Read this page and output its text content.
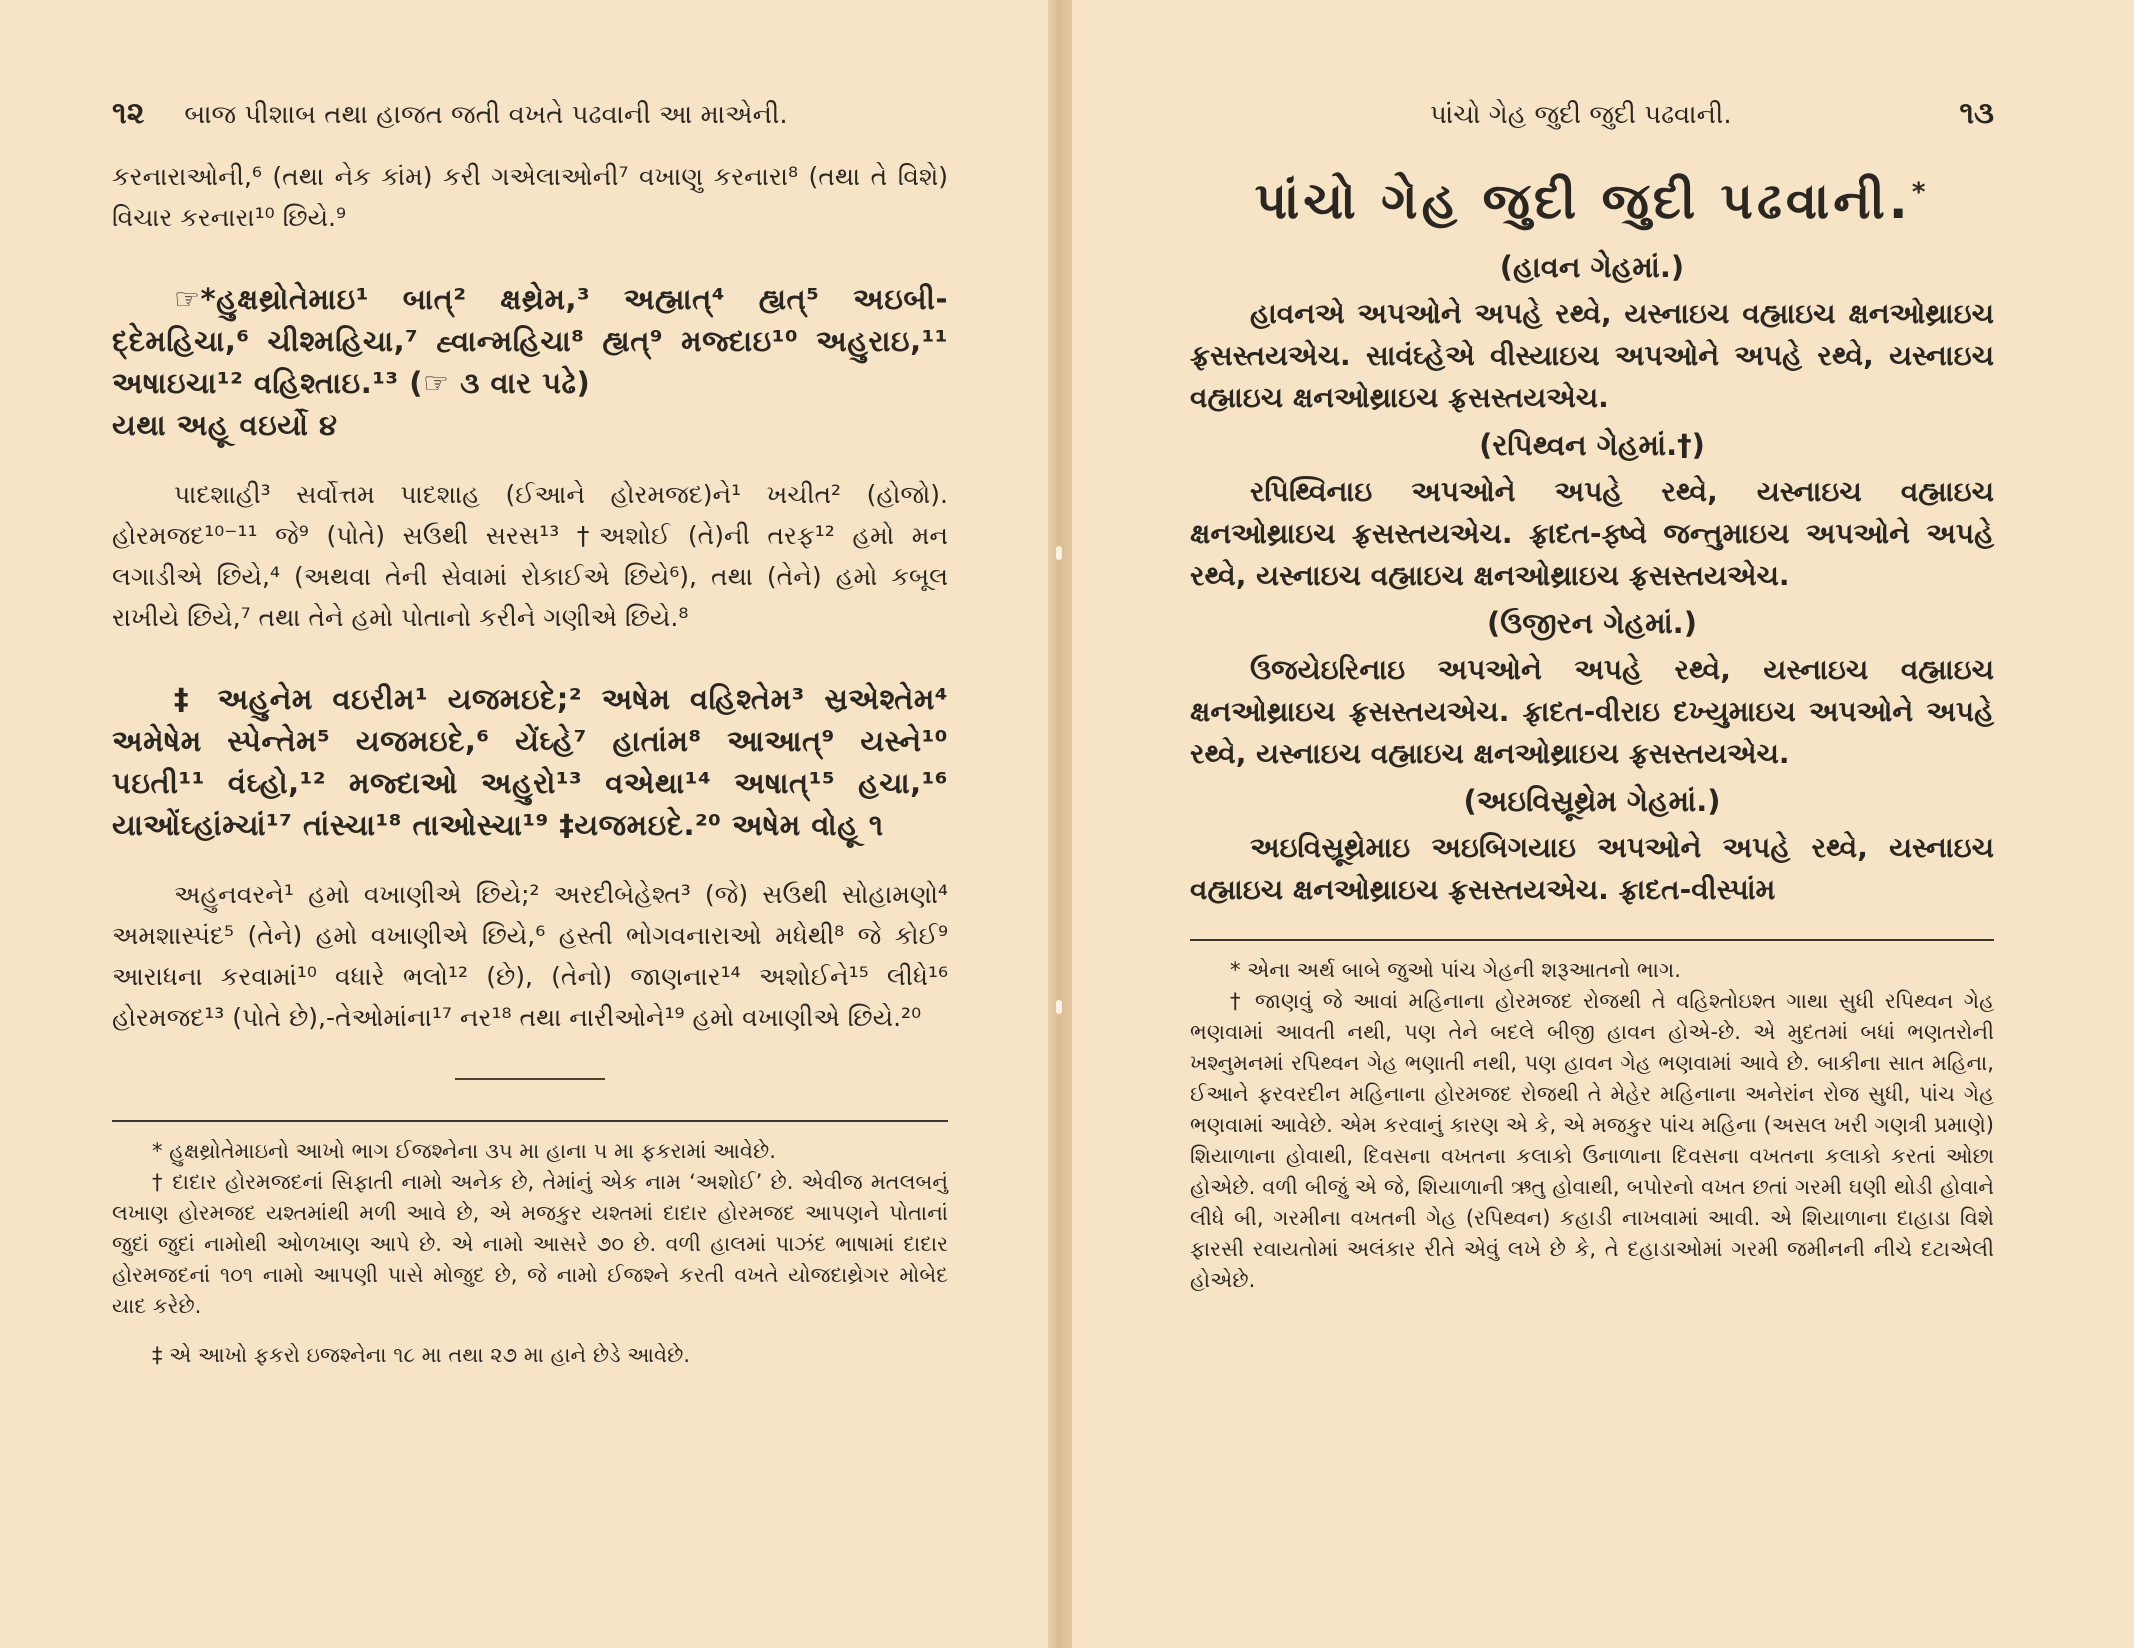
૧૨ બાજ પીશાબ તથા હાજત જતી વખતે પઢવાની આ માએની.

કરનારાઓની,⁶ (તથા નેક કાંમ) કરી ગએલાઓની⁷ વખાણુ કરનારા⁸ (તથા તે વિશે) વિચાર કરનારા¹⁰ છિયે.⁹

☞*હુક્ષથ્રોતેમાઇ¹ બાત્² ક્ષથ્રેમ,³ અહ્માત્⁴ હ્યત્⁵ અઇબી-દ્દેમહિચા,⁶ ચીશ્મહિચા,⁷ હ્વાન્મહિચા⁸ હ્યત્⁹ મજ્દાઇ¹⁰ અહુરાઇ,¹¹ અષાઇચા¹² વહિશ્તાઇ.¹³ (☞ ૩ વાર પઢે)

યથા અહૂ વઇર્યો ૪

પાદશાહી³ સર્વોત્તમ પાદશાહ (ઈઆને હોરમજદ)ને¹ ખચીત² (હોજો). હોરમજદ¹⁰⁻¹¹ જે⁹ (પોતે) સઉથી સરસ¹³ †અશોઈ (તે)ની તરફ¹² હમો મન લગાડીએ છિયે,⁴ (અથવા તેની સેવામાં રોકાઈએ છિયે⁶), તથા (તેને) હમો કબૂલ રાખીયે છિયે,⁷ તથા તેને હમો પોતાનો કરીને ગણીએ છિયે.⁸

‡ અહુનેમ વઇરીમ¹ યજમઇદે;² અષેમ વહિશ્તેમ³ સ્રએશ્તેમ⁴ અમેષેમ સ્પેન્તેમ⁵ યજમઇદે,⁶ યેંઘ્હે⁷ હાતાંમ⁸ આઆત્⁹ યસ્ને¹⁰ પઇતી¹¹ વંઘ્હો,¹² મજ્દાઓ અહુરો¹³ વએથા¹⁴ અષાત્¹⁵ હચા,¹⁶ યાઓંઘ્હાંમ્ચાં¹⁷ તાંસ્ચા¹⁸ તાઓસ્ચા¹⁹ ‡યજમઇદે.²⁰ અષેમ વોહૂ ૧

અહુનવરને¹ હમો વખાણીએ છિયે;² અરદીબેહેશ્ત³ (જે) સઉથી સોહામણો⁴ અમશાસ્પંદ⁵ (તેને) હમો વખાણીએ છિયે,⁶ હસ્તી ભોગવનારાઓ મધેથી⁸ જે કોઈ⁹ આરાધના કરવામાં¹⁰ વધારે ભલો¹² (છે), (તેનો) જાણનાર¹⁴ અશોઈને¹⁵ લીધે¹⁶ હોરમજદ¹³ (પોતે છે),-તેઓમાંના¹⁷ નર¹⁸ તથા નારીઓને¹⁹ હમો વખાણીએ છિયે.²⁰

* હુક્ષથ્રોતેમાઇનો આખો ભાગ ઈજશ્નેના ૩૫ મા હાના ૫ મા ફકરામાં આવેછે.

† દાદાર હોરમજદનાં સિફાતી નામો અનેક છે, તેમાંનું એક નામ ‘અશોઈ’ છે. એવીજ મતલબનું લખાણ હોરમજદ યશ્તમાંથી મળી આવે છે, એ મજકુર યશ્તમાં દાદાર હોરમજદ આપણને પોતાનાં જુદાં જુદાં નામોથી ઓળખાણ આપે છે. એ નામો આસરે ૭૦ છે. વળી હાલમાં પાઝંદ ભાષામાં દાદાર હોરમજદનાં ૧૦૧ નામો આપણી પાસે મોજુદ છે, જે નામો ઈજશ્ને કરતી વખતે યોજદાથ્રેગર મોબેદ યાદ કરેછે.

‡ એ આખો ફકરો ઇજશ્નેના ૧૮ મા તથા ૨૭ મા હાને છેડે આવેછે.

પાંચો ગેહ જુદી જુદી પઢવાની.	૧૩
પાંચો ગેહ જુદી જુદી પઢવાની.*
(હાવન ગેહમાં.)

હાવનએ અપઓને અપહે રથ્વે, યસ્નાઇચ વહ્માઇચ ક્ષનઓથ્રાઇચ ફ્રસસ્તયએચ. સાવંઘ્હેએ વીસ્યાઇચ અપઓને અપહે રથ્વે, યસ્નાઇચ વહ્માઇચ ક્ષનઓથ્રાઇચ ફ્રસસ્તયએચ.

(રપિથ્વન ગેહમાં.†)

રપિથ્વિનાઇ અપઓને અપહે રથ્વે, યસ્નાઇચ વહ્માઇચ ક્ષનઓથ્રાઇચ ફ્રસસ્તયએચ. ફ્રાદત-ફ્ષ્વે જન્તુમાઇચ અપઓને અપહે રથ્વે, યસ્નાઇચ વહ્માઇચ ક્ષનઓથ્રાઇચ ફ્રસસ્તયએચ.

(ઉજીરન ગેહમાં.)

ઉજયેઇરિનાઇ અપઓને અપહે રથ્વે, યસ્નાઇચ વહ્માઇચ ક્ષનઓથ્રાઇચ ફ્રસસ્તયએચ. ફ્રાદત-વીરાઇ દખ્યુમાઇચ અપઓને અપહે રથ્વે, યસ્નાઇચ વહ્માઇચ ક્ષનઓથ્રાઇચ ફ્રસસ્તયએચ.

(અઇવિસ્રૂથ્રેમ ગેહમાં.)

અઇવિસ્રૂથ્રેમાઇ અઇબિગયાઇ અપઓને અપહે રથ્વે, યસ્નાઇચ વહ્માઇચ ક્ષનઓથ્રાઇચ ફ્રસસ્તયએચ. ફ્રાદત-વીસ્પાંમ

* એના અર્થ બાબે જુઓ પાંચ ગેહની શરૂઆતનો ભાગ.

† જાણવું જે આવાં મહિનાના હોરમજદ રોજથી તે વહિશ્તોઇશ્ત ગાથા સુધી રપિથ્વન ગેહ ભણવામાં આવતી નથી, પણ તેને બદલે બીજી હાવન હોએ-છે. એ મુદતમાં બધાં ભણતરોની ખશ્નુમનમાં રપિથ્વન ગેહ ભણાતી નથી, પણ હાવન ગેહ ભણવામાં આવે છે. બાકીના સાત મહિના, ઈઆને ફરવરદીન મહિનાના હોરમજદ રોજથી તે મેહેર મહિનાના અનેરાંન રોજ સુધી, પાંચ ગેહ ભણવામાં આવેછે. એમ કરવાનું કારણ એ કે, એ મજકુર પાંચ મહિના (અસલ ખરી ગણત્રી પ્રમાણે) શિયાળાના હોવાથી, દિવસના વખતના કલાકો ઉનાળાના દિવસના વખતના કલાકો કરતાં ઓછા હોએછે. વળી બીજું એ જે, શિયાળાની ઋતુ હોવાથી, બપોરનો વખત છતાં ગરમી ઘણી થોડી હોવાને લીધે બી, ગરમીના વખતની ગેહ (રપિથ્વન) કહાડી નાખવામાં આવી. એ શિયાળાના દાહાડા વિશે ફારસી રવાયતોમાં અલંકાર રીતે એવું લખે છે કે, તે દહાડાઓમાં ગરમી જમીનની નીચે દટાએલી હોએછે.
